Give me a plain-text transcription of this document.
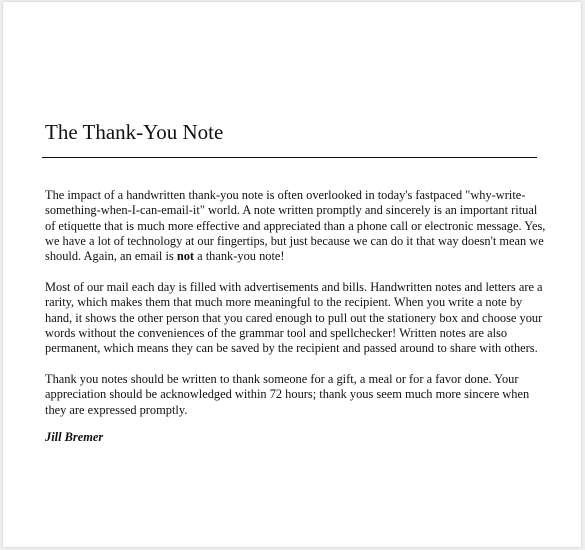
The Thank-You Note

The impact of a handwritten thank-you note is often overlooked in today's fastpaced "why-write-
something-when-I-can-email-it" world. A note written promptly and sincerely is an important ritual
of etiquette that is much more effective and appreciated than a phone call or electronic message. Yes,
we have a lot of technology at our fingertips, but just because we can do it that way doesn't mean we
should. Again, an email is not a thank-you note!

Most of our mail each day is filled with advertisements and bills. Handwritten notes and letters are a
rarity, which makes them that much more meaningful to the recipient. When you write a note by
hand, it shows the other person that you cared enough to pull out the stationery box and choose your
words without the conveniences of the grammar tool and spellchecker! Written notes are also
permanent, which means they can be saved by the recipient and passed around to share with others.

Thank you notes should be written to thank someone for a gift, a meal or for a favor done. Your
appreciation should be acknowledged within 72 hours; thank yous seem much more sincere when
they are expressed promptly.

Jill Bremer
